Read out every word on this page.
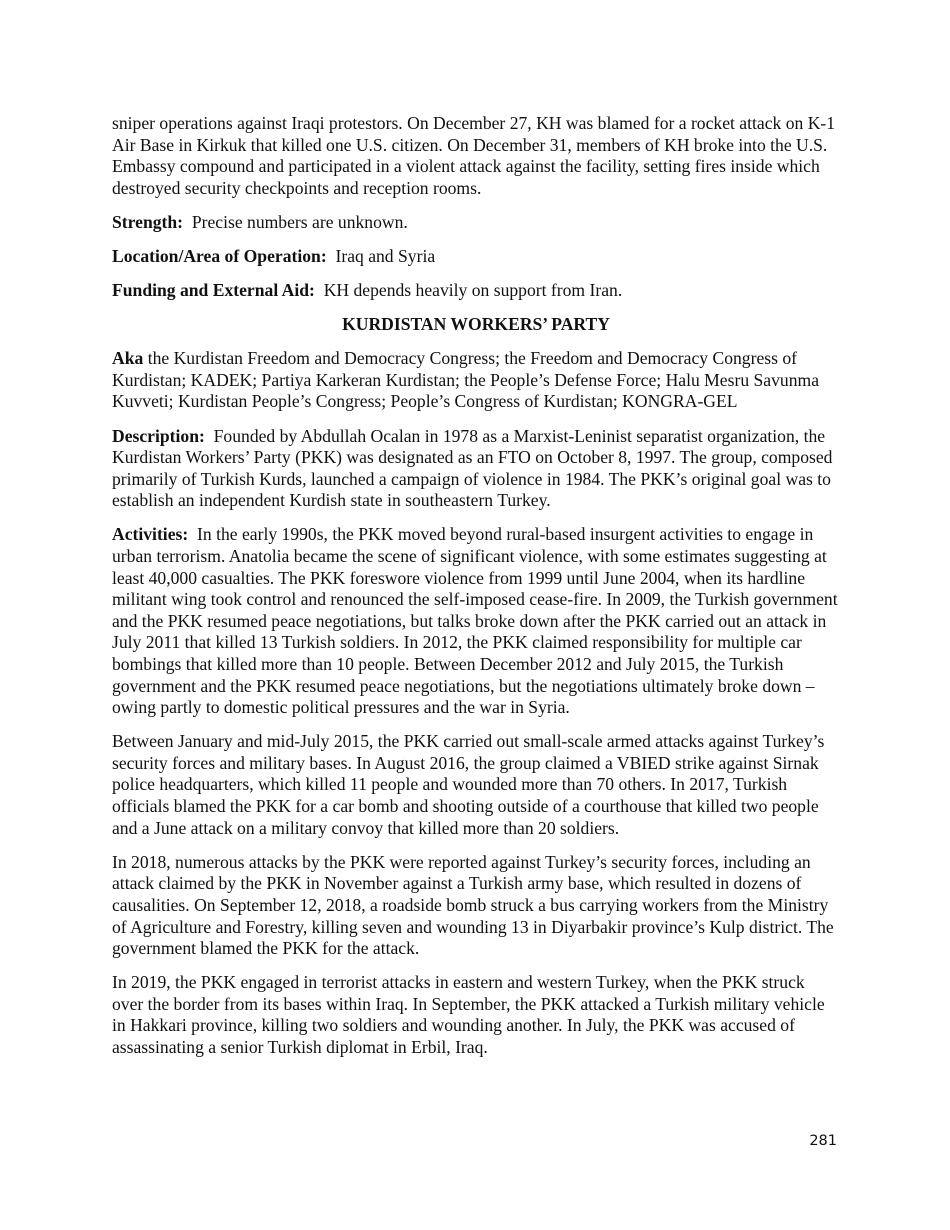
sniper operations against Iraqi protestors. On December 27, KH was blamed for a rocket attack on K-1 Air Base in Kirkuk that killed one U.S. citizen. On December 31, members of KH broke into the U.S. Embassy compound and participated in a violent attack against the facility, setting fires inside which destroyed security checkpoints and reception rooms.

Strength: Precise numbers are unknown.

Location/Area of Operation: Iraq and Syria

Funding and External Aid: KH depends heavily on support from Iran.

KURDISTAN WORKERS’ PARTY

Aka the Kurdistan Freedom and Democracy Congress; the Freedom and Democracy Congress of Kurdistan; KADEK; Partiya Karkeran Kurdistan; the People’s Defense Force; Halu Mesru Savunma Kuvveti; Kurdistan People’s Congress; People’s Congress of Kurdistan; KONGRA-GEL

Description: Founded by Abdullah Ocalan in 1978 as a Marxist-Leninist separatist organization, the Kurdistan Workers’ Party (PKK) was designated as an FTO on October 8, 1997. The group, composed primarily of Turkish Kurds, launched a campaign of violence in 1984. The PKK’s original goal was to establish an independent Kurdish state in southeastern Turkey.

Activities: In the early 1990s, the PKK moved beyond rural-based insurgent activities to engage in urban terrorism. Anatolia became the scene of significant violence, with some estimates suggesting at least 40,000 casualties. The PKK foreswore violence from 1999 until June 2004, when its hardline militant wing took control and renounced the self-imposed cease-fire. In 2009, the Turkish government and the PKK resumed peace negotiations, but talks broke down after the PKK carried out an attack in July 2011 that killed 13 Turkish soldiers. In 2012, the PKK claimed responsibility for multiple car bombings that killed more than 10 people. Between December 2012 and July 2015, the Turkish government and the PKK resumed peace negotiations, but the negotiations ultimately broke down – owing partly to domestic political pressures and the war in Syria.

Between January and mid-July 2015, the PKK carried out small-scale armed attacks against Turkey’s security forces and military bases. In August 2016, the group claimed a VBIED strike against Sirnak police headquarters, which killed 11 people and wounded more than 70 others. In 2017, Turkish officials blamed the PKK for a car bomb and shooting outside of a courthouse that killed two people and a June attack on a military convoy that killed more than 20 soldiers.

In 2018, numerous attacks by the PKK were reported against Turkey’s security forces, including an attack claimed by the PKK in November against a Turkish army base, which resulted in dozens of causalities. On September 12, 2018, a roadside bomb struck a bus carrying workers from the Ministry of Agriculture and Forestry, killing seven and wounding 13 in Diyarbakir province’s Kulp district. The government blamed the PKK for the attack.

In 2019, the PKK engaged in terrorist attacks in eastern and western Turkey, when the PKK struck over the border from its bases within Iraq. In September, the PKK attacked a Turkish military vehicle in Hakkari province, killing two soldiers and wounding another. In July, the PKK was accused of assassinating a senior Turkish diplomat in Erbil, Iraq.

281
